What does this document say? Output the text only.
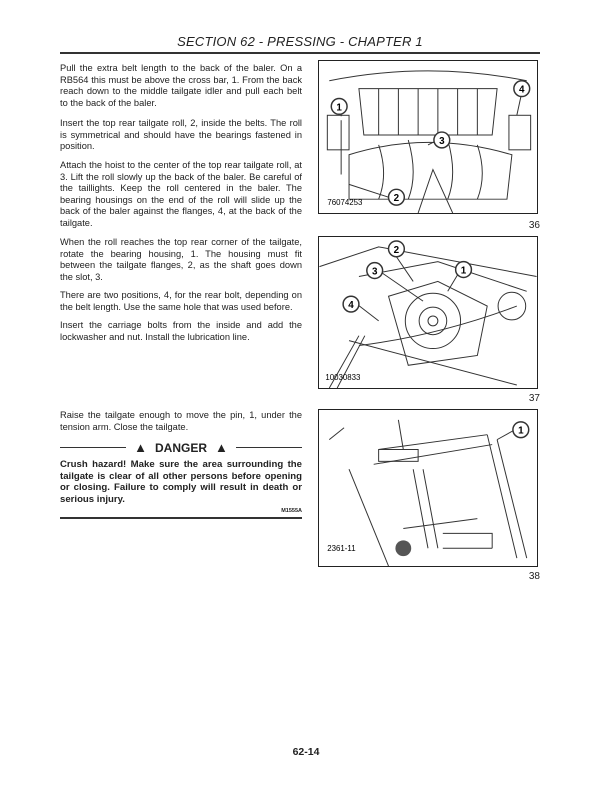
SECTION 62 - PRESSING - CHAPTER 1
Pull the extra belt length to the back of the baler. On a RB564 this must be above the cross bar, 1. From the back reach down to the middle tailgate idler and pull each belt to the back of the baler.
Insert the top rear tailgate roll, 2, inside the belts. The roll is symmetrical and should have the bearings fastened in position.
Attach the hoist to the center of the top rear tailgate roll, at 3. Lift the roll slowly up the back of the baler. Be careful of the taillights. Keep the roll centered in the baler. The bearing housings on the end of the roll will slide up the back of the baler against the flanges, 4, at the back of the tailgate.
When the roll reaches the top rear corner of the tailgate, rotate the bearing housing, 1. The housing must fit between the tailgate flanges, 2, as the shaft goes down the slot, 3.
There are two positions, 4, for the rear bolt, depending on the belt length. Use the same hole that was used before.
Insert the carriage bolts from the inside and add the lockwasher and nut. Install the lubrication line.
Raise the tailgate enough to move the pin, 1, under the tension arm. Close the tailgate.
▲ DANGER ▲
Crush hazard! Make sure the area surrounding the tailgate is clear of all other persons before opening or closing. Failure to comply will result in death or serious injury.
M1555A
1
2
3
4
76074253
36
1
2
3
4
10030833
37
1
2361-11
38
62-14
